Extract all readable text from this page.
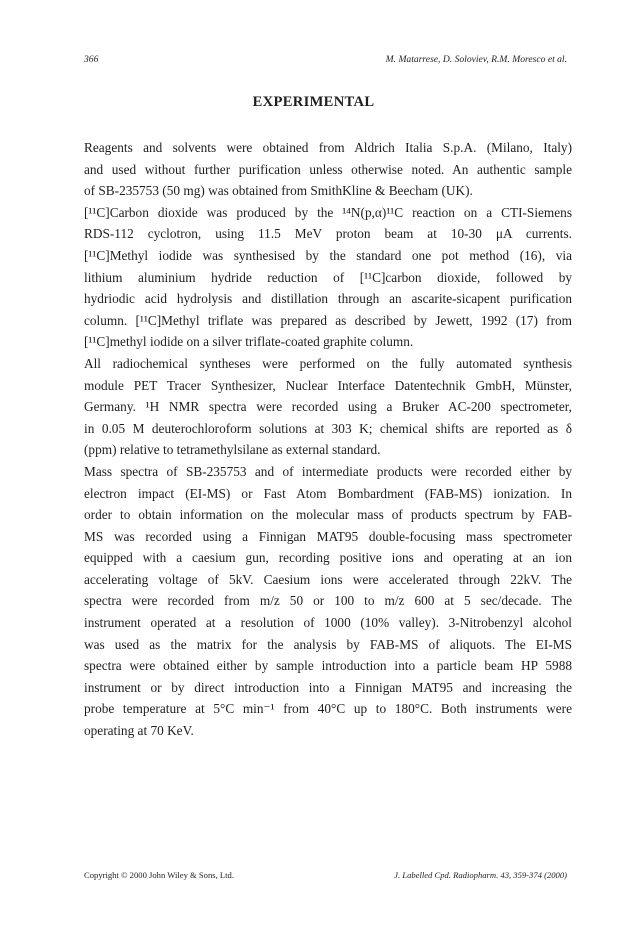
366	M. Matarrese, D. Soloviev, R.M. Moresco et al.
EXPERIMENTAL
Reagents and solvents were obtained from Aldrich Italia S.p.A. (Milano, Italy)
and used without further purification unless otherwise noted. An authentic sample
of SB-235753 (50 mg) was obtained from SmithKline & Beecham (UK).
[¹¹C]Carbon dioxide was produced by the ¹⁴N(p,α)¹¹C reaction on a CTI-Siemens
RDS-112 cyclotron, using 11.5 MeV proton beam at 10-30 μA currents.
[¹¹C]Methyl iodide was synthesised by the standard one pot method (16), via
lithium aluminium hydride reduction of [¹¹C]carbon dioxide, followed by
hydriodic acid hydrolysis and distillation through an ascarite-sicapent purification
column. [¹¹C]Methyl triflate was prepared as described by Jewett, 1992 (17) from
[¹¹C]methyl iodide on a silver triflate-coated graphite column.
All radiochemical syntheses were performed on the fully automated synthesis
module PET Tracer Synthesizer, Nuclear Interface Datentechnik GmbH, Münster,
Germany. ¹H NMR spectra were recorded using a Bruker AC-200 spectrometer,
in 0.05 M deuterochloroform solutions at 303 K; chemical shifts are reported as δ
(ppm) relative to tetramethylsilane as external standard.
Mass spectra of SB-235753 and of intermediate products were recorded either by
electron impact (EI-MS) or Fast Atom Bombardment (FAB-MS) ionization. In
order to obtain information on the molecular mass of products spectrum by FAB-
MS was recorded using a Finnigan MAT95 double-focusing mass spectrometer
equipped with a caesium gun, recording positive ions and operating at an ion
accelerating voltage of 5kV. Caesium ions were accelerated through 22kV. The
spectra were recorded from m/z 50 or 100 to m/z 600 at 5 sec/decade. The
instrument operated at a resolution of 1000 (10% valley). 3-Nitrobenzyl alcohol
was used as the matrix for the analysis by FAB-MS of aliquots. The EI-MS
spectra were obtained either by sample introduction into a particle beam HP 5988
instrument or by direct introduction into a Finnigan MAT95 and increasing the
probe temperature at 5°C min⁻¹ from 40°C up to 180°C. Both instruments were
operating at 70 KeV.
Copyright © 2000 John Wiley & Sons, Ltd.	J. Labelled Cpd. Radiopharm. 43, 359-374 (2000)
